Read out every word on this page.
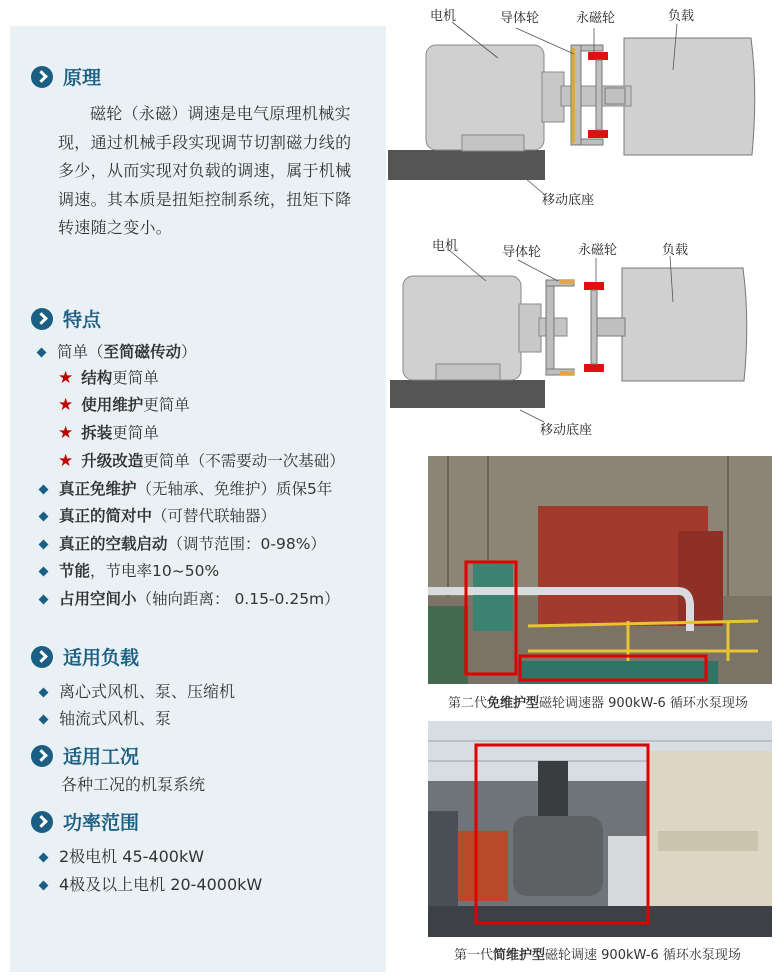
原理
磁轮（永磁）调速是电气原理机械实现，通过机械手段实现调节切割磁力线的多少，从而实现对负载的调速，属于机械调速。其本质是扭矩控制系统，扭矩下降转速随之变小。
特点
简单（ 至简磁传动 ）
★ 结构 更简单
★ 使用维护 更简单
★ 拆装 更简单
★ 升级改造 更简单（不需要动一次基础）
真正免维护 （无轴承、免维护）质保5年
真正的简对中 （可替代联轴器）
真正的空载启动 （调节范围：0-98%）
节能 ，节电率10~50%
占用空间小 （轴向距离： 0.15-0.25m）
适用负载
离心式风机、泵、压缩机
轴流式风机、泵
适用工况
各种工况的机泵系统
功率范围
2极电机 45-400kW
4极及以上电机 20-4000kW
电机	导体轮	永磁轮	负载
移动底座
电机	导体轮	永磁轮	负载
移动底座
第二代免维护型磁轮调速器 900kW-6 循环水泵现场
第一代简维护型磁轮调速 900kW-6 循环水泵现场
